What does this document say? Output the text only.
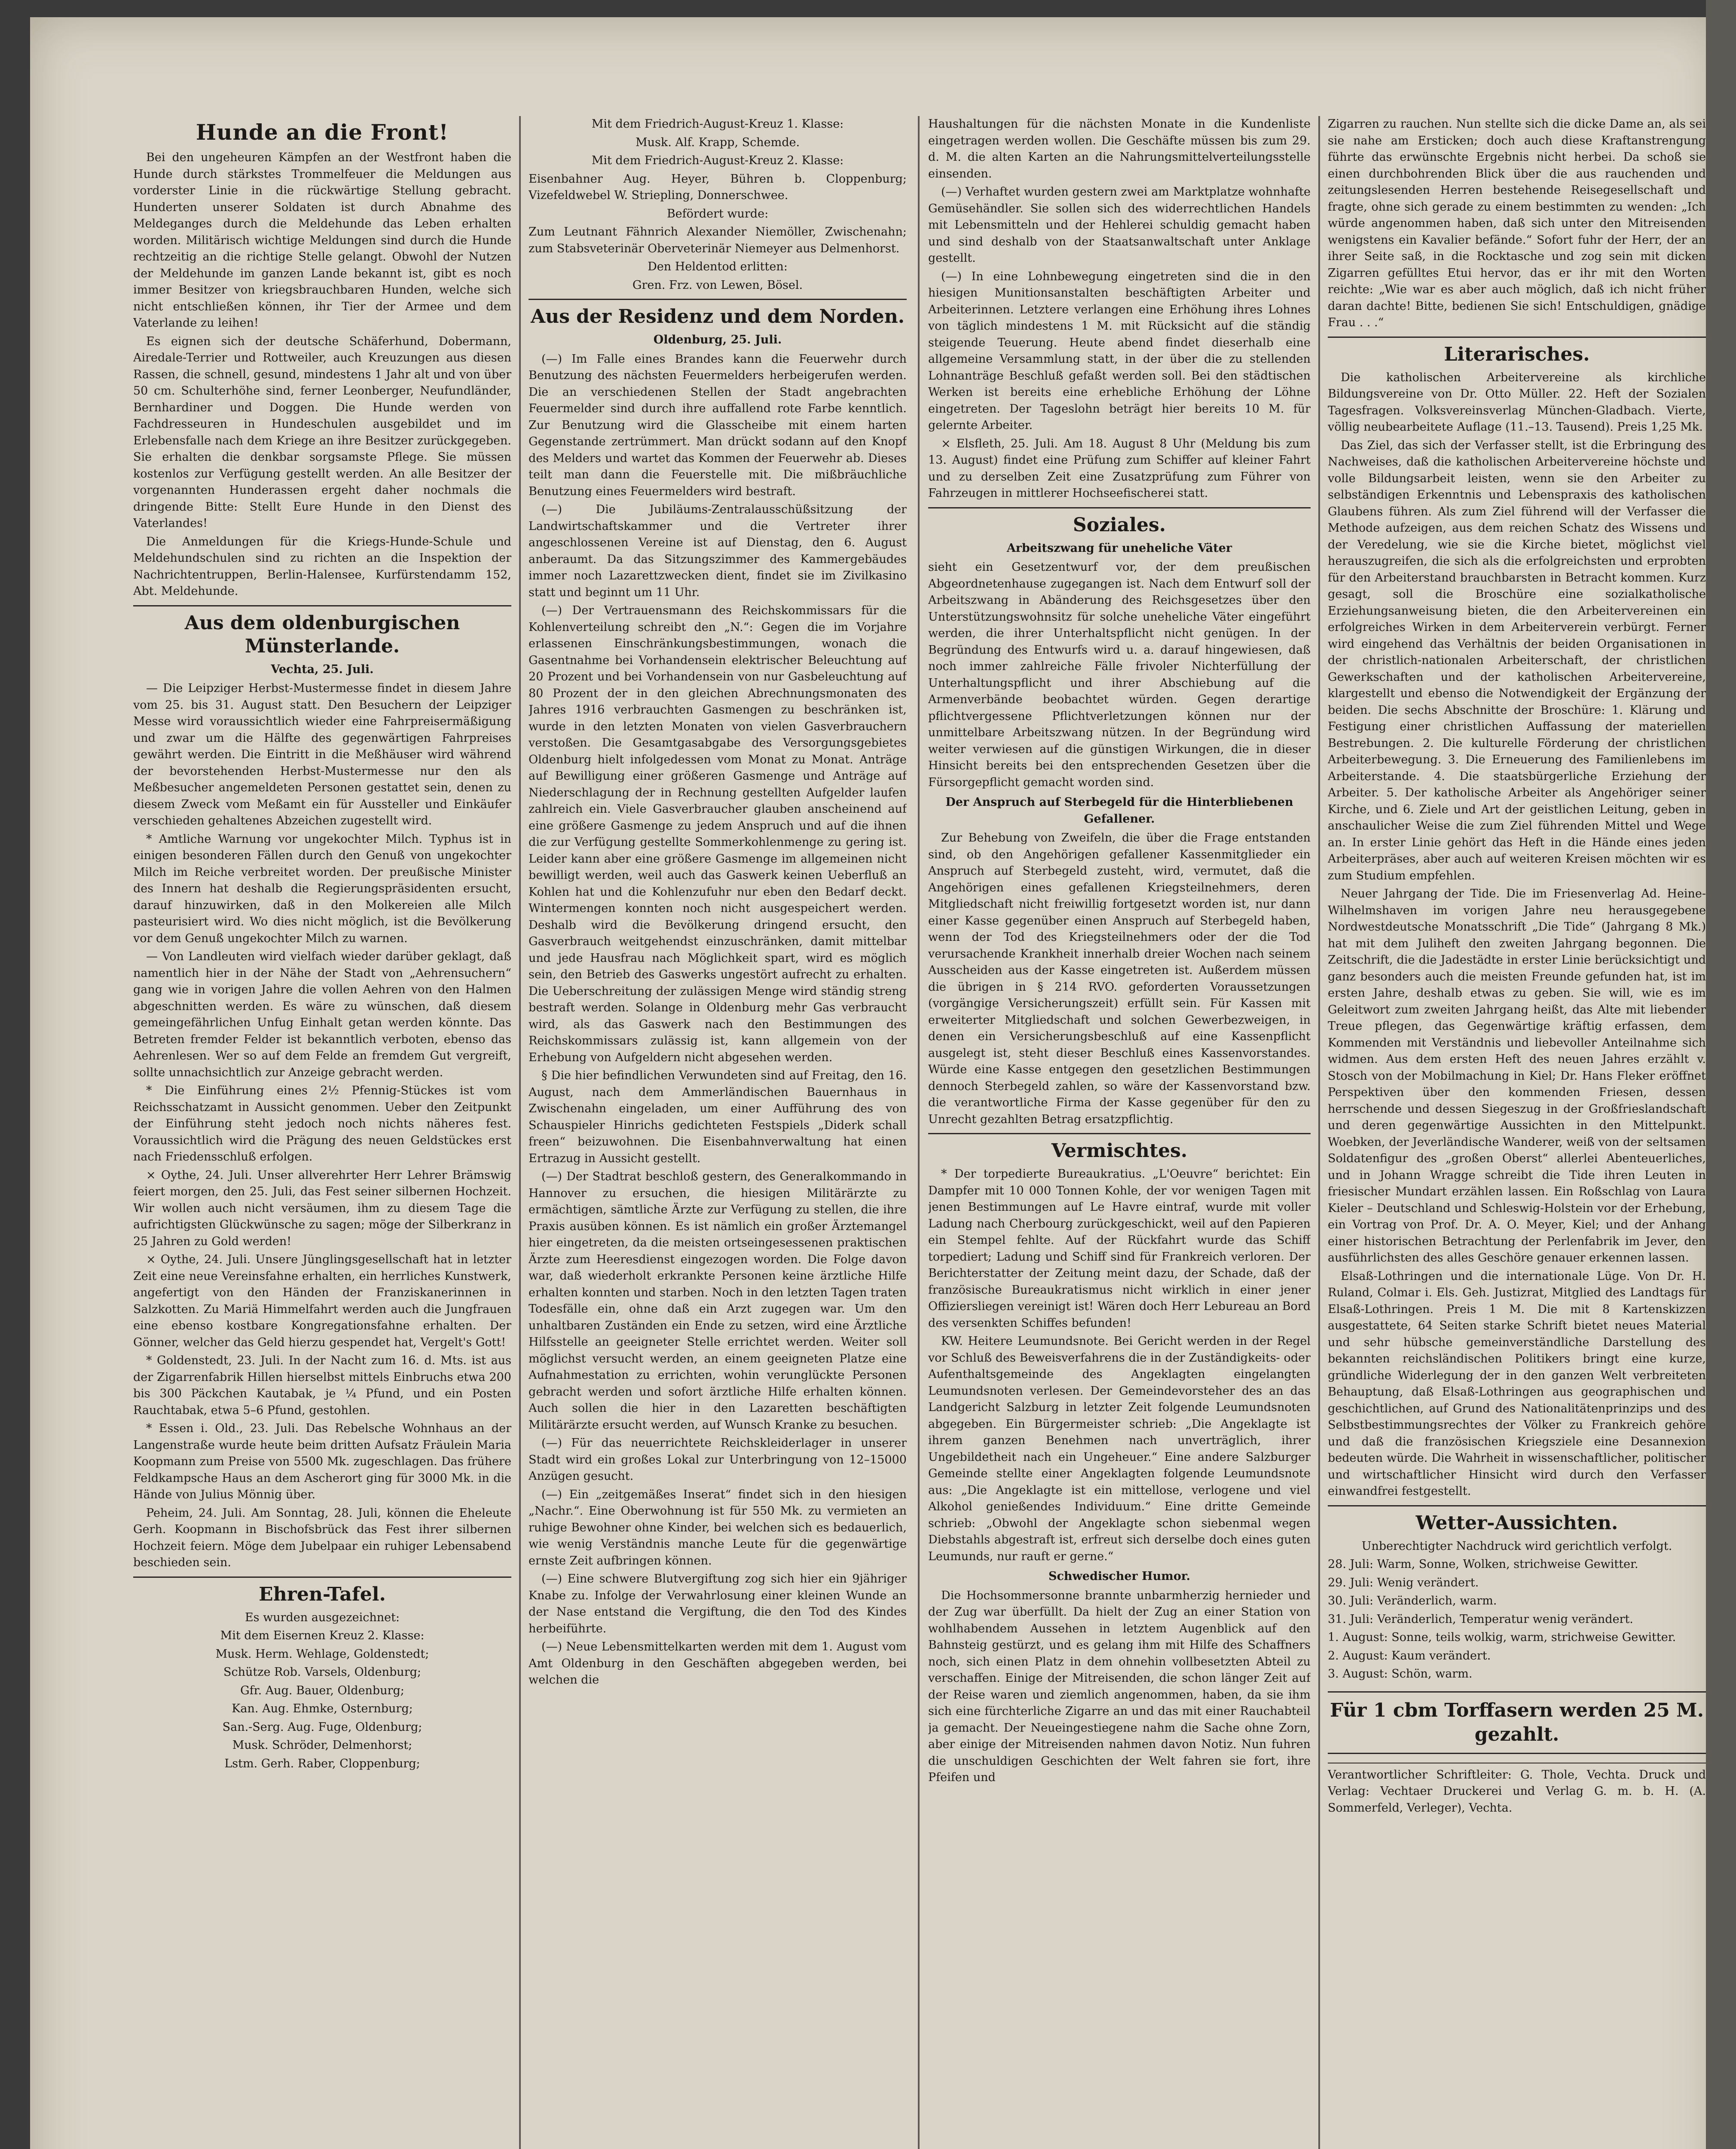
Hunde an die Front!

Bei den ungeheuren Kämpfen an der Westfront haben die Hunde durch stärkstes Trommelfeuer die Meldungen aus vorderster Linie in die rückwärtige Stellung gebracht. Hunderten unserer Soldaten ist durch Abnahme des Meldeganges durch die Meldehunde das Leben erhalten worden. Militärisch wichtige Meldungen sind durch die Hunde rechtzeitig an die richtige Stelle gelangt. Obwohl der Nutzen der Meldehunde im ganzen Lande bekannt ist, gibt es noch immer Besitzer von kriegsbrauchbaren Hunden, welche sich nicht entschließen können, ihr Tier der Armee und dem Vaterlande zu leihen!

Es eignen sich der deutsche Schäferhund, Dobermann, Airedale-Terrier und Rottweiler, auch Kreuzungen aus diesen Rassen, die schnell, gesund, mindestens 1 Jahr alt und von über 50 cm. Schulterhöhe sind, ferner Leonberger, Neufundländer, Bernhardiner und Doggen. Die Hunde werden von Fachdresseuren in Hundeschulen ausgebildet und im Erlebensfalle nach dem Kriege an ihre Besitzer zurückgegeben. Sie erhalten die denkbar sorgsamste Pflege. Sie müssen kostenlos zur Verfügung gestellt werden. An alle Besitzer der vorgenannten Hunderassen ergeht daher nochmals die dringende Bitte: Stellt Eure Hunde in den Dienst des Vaterlandes!

Die Anmeldungen für die Kriegs-Hunde-Schule und Meldehundschulen sind zu richten an die Inspektion der Nachrichtentruppen, Berlin-Halensee, Kurfürstendamm 152, Abt. Meldehunde.

Aus dem oldenburgischen Münsterlande.

Vechta, 25. Juli.

— Die Leipziger Herbst-Mustermesse findet in diesem Jahre vom 25. bis 31. August statt. Den Besuchern der Leipziger Messe wird voraussichtlich wieder eine Fahrpreisermäßigung und zwar um die Hälfte des gegenwärtigen Fahrpreises gewährt werden. Die Eintritt in die Meßhäuser wird während der bevorstehenden Herbst-Mustermesse nur den als Meßbesucher angemeldeten Personen gestattet sein, denen zu diesem Zweck vom Meßamt ein für Aussteller und Einkäufer verschieden gehaltenes Abzeichen zugestellt wird.

* Amtliche Warnung vor ungekochter Milch. Typhus ist in einigen besonderen Fällen durch den Genuß von ungekochter Milch im Reiche verbreitet worden. Der preußische Minister des Innern hat deshalb die Regierungspräsidenten ersucht, darauf hinzuwirken, daß in den Molkereien alle Milch pasteurisiert wird. Wo dies nicht möglich, ist die Bevölkerung vor dem Genuß ungekochter Milch zu warnen.

— Von Landleuten wird vielfach wieder darüber geklagt, daß namentlich hier in der Nähe der Stadt von „Aehrensuchern“ gang wie in vorigen Jahre die vollen Aehren von den Halmen abgeschnitten werden. Es wäre zu wünschen, daß diesem gemeingefährlichen Unfug Einhalt getan werden könnte. Das Betreten fremder Felder ist bekanntlich verboten, ebenso das Aehrenlesen. Wer so auf dem Felde an fremdem Gut vergreift, sollte unnachsichtlich zur Anzeige gebracht werden.

* Die Einführung eines 2½ Pfennig-Stückes ist vom Reichsschatzamt in Aussicht genommen. Ueber den Zeitpunkt der Einführung steht jedoch noch nichts näheres fest. Voraussichtlich wird die Prägung des neuen Geldstückes erst nach Friedensschluß erfolgen.

× Oythe, 24. Juli. Unser allverehrter Herr Lehrer Brämswig feiert morgen, den 25. Juli, das Fest seiner silbernen Hochzeit. Wir wollen auch nicht versäumen, ihm zu diesem Tage die aufrichtigsten Glückwünsche zu sagen; möge der Silberkranz in 25 Jahren zu Gold werden!

× Oythe, 24. Juli. Unsere Jünglingsgesellschaft hat in letzter Zeit eine neue Vereinsfahne erhalten, ein herrliches Kunstwerk, angefertigt von den Händen der Franziskanerinnen in Salzkotten. Zu Mariä Himmelfahrt werden auch die Jungfrauen eine ebenso kostbare Kongregationsfahne erhalten. Der Gönner, welcher das Geld hierzu gespendet hat, Vergelt's Gott!

* Goldenstedt, 23. Juli. In der Nacht zum 16. d. Mts. ist aus der Zigarrenfabrik Hillen hierselbst mittels Einbruchs etwa 200 bis 300 Päckchen Kautabak, je ¼ Pfund, und ein Posten Rauchtabak, etwa 5–6 Pfund, gestohlen.

* Essen i. Old., 23. Juli. Das Rebelsche Wohnhaus an der Langenstraße wurde heute beim dritten Aufsatz Fräulein Maria Koopmann zum Preise von 5500 Mk. zugeschlagen. Das frühere Feldkampsche Haus an dem Ascherort ging für 3000 Mk. in die Hände von Julius Mönnig über.

Peheim, 24. Juli. Am Sonntag, 28. Juli, können die Eheleute Gerh. Koopmann in Bischofsbrück das Fest ihrer silbernen Hochzeit feiern. Möge dem Jubelpaar ein ruhiger Lebensabend beschieden sein.

Ehren-Tafel.

Es wurden ausgezeichnet:

Mit dem Eisernen Kreuz 2. Klasse:

Musk. Herm. Wehlage, Goldenstedt;

Schütze Rob. Varsels, Oldenburg;

Gfr. Aug. Bauer, Oldenburg;

Kan. Aug. Ehmke, Osternburg;

San.-Serg. Aug. Fuge, Oldenburg;

Musk. Schröder, Delmenhorst;

Lstm. Gerh. Raber, Cloppenburg;

Mit dem Friedrich-August-Kreuz 1. Klasse:

Musk. Alf. Krapp, Schemde.

Mit dem Friedrich-August-Kreuz 2. Klasse:

Eisenbahner Aug. Heyer, Bühren b. Cloppenburg; Vizefeldwebel W. Striepling, Donnerschwee.

Befördert wurde:

Zum Leutnant Fähnrich Alexander Niemöller, Zwischenahn; zum Stabsveterinär Oberveterinär Niemeyer aus Delmenhorst.

Den Heldentod erlitten:

Gren. Frz. von Lewen, Bösel.

Aus der Residenz und dem Norden.

Oldenburg, 25. Juli.

(—) Im Falle eines Brandes kann die Feuerwehr durch Benutzung des nächsten Feuermelders herbeigerufen werden. Die an verschiedenen Stellen der Stadt angebrachten Feuermelder sind durch ihre auffallend rote Farbe kenntlich. Zur Benutzung wird die Glasscheibe mit einem harten Gegenstande zertrümmert. Man drückt sodann auf den Knopf des Melders und wartet das Kommen der Feuerwehr ab. Dieses teilt man dann die Feuerstelle mit. Die mißbräuchliche Benutzung eines Feuermelders wird bestraft.

(—) Die Jubiläums-Zentralausschüßsitzung der Landwirtschaftskammer und die Vertreter ihrer angeschlossenen Vereine ist auf Dienstag, den 6. August anberaumt. Da das Sitzungszimmer des Kammergebäudes immer noch Lazarettzwecken dient, findet sie im Zivilkasino statt und beginnt um 11 Uhr.

(—) Der Vertrauensmann des Reichskommissars für die Kohlenverteilung schreibt den „N.“: Gegen die im Vorjahre erlassenen Einschränkungsbestimmungen, wonach die Gasentnahme bei Vorhandensein elektrischer Beleuchtung auf 20 Prozent und bei Vorhandensein von nur Gasbeleuchtung auf 80 Prozent der in den gleichen Abrechnungsmonaten des Jahres 1916 verbrauchten Gasmengen zu beschränken ist, wurde in den letzten Monaten von vielen Gasverbrauchern verstoßen. Die Gesamtgasabgabe des Versorgungsgebietes Oldenburg hielt infolgedessen vom Monat zu Monat. Anträge auf Bewilligung einer größeren Gasmenge und Anträge auf Niederschlagung der in Rechnung gestellten Aufgelder laufen zahlreich ein. Viele Gasverbraucher glauben anscheinend auf eine größere Gasmenge zu jedem Anspruch und auf die ihnen die zur Verfügung gestellte Sommerkohlenmenge zu gering ist. Leider kann aber eine größere Gasmenge im allgemeinen nicht bewilligt werden, weil auch das Gaswerk keinen Ueberfluß an Kohlen hat und die Kohlenzufuhr nur eben den Bedarf deckt. Wintermengen konnten noch nicht ausgespeichert werden. Deshalb wird die Bevölkerung dringend ersucht, den Gasverbrauch weitgehendst einzuschränken, damit mittelbar und jede Hausfrau nach Möglichkeit spart, wird es möglich sein, den Betrieb des Gaswerks ungestört aufrecht zu erhalten. Die Ueberschreitung der zulässigen Menge wird ständig streng bestraft werden. Solange in Oldenburg mehr Gas verbraucht wird, als das Gaswerk nach den Bestimmungen des Reichskommissars zulässig ist, kann allgemein von der Erhebung von Aufgeldern nicht abgesehen werden.

§ Die hier befindlichen Verwundeten sind auf Freitag, den 16. August, nach dem Ammerländischen Bauernhaus in Zwischenahn eingeladen, um einer Aufführung des von Schauspieler Hinrichs gedichteten Festspiels „Diderk schall freen“ beizuwohnen. Die Eisenbahnverwaltung hat einen Ertrazug in Aussicht gestellt.

(—) Der Stadtrat beschloß gestern, des Generalkommando in Hannover zu ersuchen, die hiesigen Militärärzte zu ermächtigen, sämtliche Ärzte zur Verfügung zu stellen, die ihre Praxis ausüben können. Es ist nämlich ein großer Ärztemangel hier eingetreten, da die meisten ortseingesessenen praktischen Ärzte zum Heeresdienst eingezogen worden. Die Folge davon war, daß wiederholt erkrankte Personen keine ärztliche Hilfe erhalten konnten und starben. Noch in den letzten Tagen traten Todesfälle ein, ohne daß ein Arzt zugegen war. Um den unhaltbaren Zuständen ein Ende zu setzen, wird eine Ärztliche Hilfsstelle an geeigneter Stelle errichtet werden. Weiter soll möglichst versucht werden, an einem geeigneten Platze eine Aufnahmestation zu errichten, wohin verunglückte Personen gebracht werden und sofort ärztliche Hilfe erhalten können. Auch sollen die hier in den Lazaretten beschäftigten Militärärzte ersucht werden, auf Wunsch Kranke zu besuchen.

(—) Für das neuerrichtete Reichskleiderlager in unserer Stadt wird ein großes Lokal zur Unterbringung von 12–15000 Anzügen gesucht.

(—) Ein „zeitgemäßes Inserat“ findet sich in den hiesigen „Nachr.“. Eine Oberwohnung ist für 550 Mk. zu vermieten an ruhige Bewohner ohne Kinder, bei welchen sich es bedauerlich, wie wenig Verständnis manche Leute für die gegenwärtige ernste Zeit aufbringen können.

(—) Eine schwere Blutvergiftung zog sich hier ein 9jähriger Knabe zu. Infolge der Verwahrlosung einer kleinen Wunde an der Nase entstand die Vergiftung, die den Tod des Kindes herbeiführte.

(—) Neue Lebensmittelkarten werden mit dem 1. August vom Amt Oldenburg in den Geschäften abgegeben werden, bei welchen die

Haushaltungen für die nächsten Monate in die Kundenliste eingetragen werden wollen. Die Geschäfte müssen bis zum 29. d. M. die alten Karten an die Nahrungsmittelverteilungsstelle einsenden.

(—) Verhaftet wurden gestern zwei am Marktplatze wohnhafte Gemüsehändler. Sie sollen sich des widerrechtlichen Handels mit Lebensmitteln und der Hehlerei schuldig gemacht haben und sind deshalb von der Staatsanwaltschaft unter Anklage gestellt.

(—) In eine Lohnbewegung eingetreten sind die in den hiesigen Munitionsanstalten beschäftigten Arbeiter und Arbeiterinnen. Letztere verlangen eine Erhöhung ihres Lohnes von täglich mindestens 1 M. mit Rücksicht auf die ständig steigende Teuerung. Heute abend findet dieserhalb eine allgemeine Versammlung statt, in der über die zu stellenden Lohnanträge Beschluß gefaßt werden soll. Bei den städtischen Werken ist bereits eine erhebliche Erhöhung der Löhne eingetreten. Der Tageslohn beträgt hier bereits 10 M. für gelernte Arbeiter.

× Elsfleth, 25. Juli. Am 18. August 8 Uhr (Meldung bis zum 13. August) findet eine Prüfung zum Schiffer auf kleiner Fahrt und zu derselben Zeit eine Zusatzprüfung zum Führer von Fahrzeugen in mittlerer Hochseefischerei statt.

Soziales.

Arbeitszwang für uneheliche Väter

sieht ein Gesetzentwurf vor, der dem preußischen Abgeordnetenhause zugegangen ist. Nach dem Entwurf soll der Arbeitszwang in Abänderung des Reichsgesetzes über den Unterstützungswohnsitz für solche uneheliche Väter eingeführt werden, die ihrer Unterhaltspflicht nicht genügen. In der Begründung des Entwurfs wird u. a. darauf hingewiesen, daß noch immer zahlreiche Fälle frivoler Nichterfüllung der Unterhaltungspflicht und ihrer Abschiebung auf die Armenverbände beobachtet würden. Gegen derartige pflichtvergessene Pflichtverletzungen können nur der unmittelbare Arbeitszwang nützen. In der Begründung wird weiter verwiesen auf die günstigen Wirkungen, die in dieser Hinsicht bereits bei den entsprechenden Gesetzen über die Fürsorgepflicht gemacht worden sind.

Der Anspruch auf Sterbegeld für die Hinterbliebenen Gefallener.

Zur Behebung von Zweifeln, die über die Frage entstanden sind, ob den Angehörigen gefallener Kassenmitglieder ein Anspruch auf Sterbegeld zusteht, wird, vermutet, daß die Angehörigen eines gefallenen Kriegsteilnehmers, deren Mitgliedschaft nicht freiwillig fortgesetzt worden ist, nur dann einer Kasse gegenüber einen Anspruch auf Sterbegeld haben, wenn der Tod des Kriegsteilnehmers oder der die Tod verursachende Krankheit innerhalb dreier Wochen nach seinem Ausscheiden aus der Kasse eingetreten ist. Außerdem müssen die übrigen in § 214 RVO. geforderten Voraussetzungen (vorgängige Versicherungszeit) erfüllt sein. Für Kassen mit erweiterter Mitgliedschaft und solchen Gewerbezweigen, in denen ein Versicherungsbeschluß auf eine Kassenpflicht ausgelegt ist, steht dieser Beschluß eines Kassenvorstandes. Würde eine Kasse entgegen den gesetzlichen Bestimmungen dennoch Sterbegeld zahlen, so wäre der Kassenvorstand bzw. die verantwortliche Firma der Kasse gegenüber für den zu Unrecht gezahlten Betrag ersatzpflichtig.

Vermischtes.

* Der torpedierte Bureaukratius. „L'Oeuvre“ berichtet: Ein Dampfer mit 10 000 Tonnen Kohle, der vor wenigen Tagen mit jenen Bestimmungen auf Le Havre eintraf, wurde mit voller Ladung nach Cherbourg zurückgeschickt, weil auf den Papieren ein Stempel fehlte. Auf der Rückfahrt wurde das Schiff torpediert; Ladung und Schiff sind für Frankreich verloren. Der Berichterstatter der Zeitung meint dazu, der Schade, daß der französische Bureaukratismus nicht wirklich in einer jener Offiziersliegen vereinigt ist! Wären doch Herr Lebureau an Bord des versenkten Schiffes befunden!

KW. Heitere Leumundsnote. Bei Gericht werden in der Regel vor Schluß des Beweisverfahrens die in der Zuständigkeits- oder Aufenthaltsgemeinde des Angeklagten eingelangten Leumundsnoten verlesen. Der Gemeindevorsteher des an das Landgericht Salzburg in letzter Zeit folgende Leumundsnoten abgegeben. Ein Bürgermeister schrieb: „Die Angeklagte ist ihrem ganzen Benehmen nach unverträglich, ihrer Ungebildetheit nach ein Ungeheuer.“ Eine andere Salzburger Gemeinde stellte einer Angeklagten folgende Leumundsnote aus: „Die Angeklagte ist ein mittellose, verlogene und viel Alkohol genießendes Individuum.“ Eine dritte Gemeinde schrieb: „Obwohl der Angeklagte schon siebenmal wegen Diebstahls abgestraft ist, erfreut sich derselbe doch eines guten Leumunds, nur rauft er gerne.“

Schwedischer Humor.

Die Hochsommersonne brannte unbarmherzig hernieder und der Zug war überfüllt. Da hielt der Zug an einer Station von wohlhabendem Aussehen in letztem Augenblick auf den Bahnsteig gestürzt, und es gelang ihm mit Hilfe des Schaffners noch, sich einen Platz in dem ohnehin vollbesetzten Abteil zu verschaffen. Einige der Mitreisenden, die schon länger Zeit auf der Reise waren und ziemlich angenommen, haben, da sie ihm sich eine fürchterliche Zigarre an und das mit einer Rauchabteil ja gemacht. Der Neueingestiegene nahm die Sache ohne Zorn, aber einige der Mitreisenden nahmen davon Notiz. Nun fuhren die unschuldigen Geschichten der Welt fahren sie fort, ihre Pfeifen und

Zigarren zu rauchen. Nun stellte sich die dicke Dame an, als sei sie nahe am Ersticken; doch auch diese Kraftanstrengung führte das erwünschte Ergebnis nicht herbei. Da schoß sie einen durchbohrenden Blick über die aus rauchenden und zeitungslesenden Herren bestehende Reisegesellschaft und fragte, ohne sich gerade zu einem bestimmten zu wenden: „Ich würde angenommen haben, daß sich unter den Mitreisenden wenigstens ein Kavalier befände.“ Sofort fuhr der Herr, der an ihrer Seite saß, in die Rocktasche und zog sein mit dicken Zigarren gefülltes Etui hervor, das er ihr mit den Worten reichte: „Wie war es aber auch möglich, daß ich nicht früher daran dachte! Bitte, bedienen Sie sich! Entschuldigen, gnädige Frau . . .“

Literarisches.

Die katholischen Arbeitervereine als kirchliche Bildungsvereine von Dr. Otto Müller. 22. Heft der Sozialen Tagesfragen. Volksvereinsverlag München-Gladbach. Vierte, völlig neubearbeitete Auflage (11.–13. Tausend). Preis 1,25 Mk.

Das Ziel, das sich der Verfasser stellt, ist die Erbringung des Nachweises, daß die katholischen Arbeitervereine höchste und volle Bildungsarbeit leisten, wenn sie den Arbeiter zu selbständigen Erkenntnis und Lebenspraxis des katholischen Glaubens führen. Als zum Ziel führend will der Verfasser die Methode aufzeigen, aus dem reichen Schatz des Wissens und der Veredelung, wie sie die Kirche bietet, möglichst viel herauszugreifen, die sich als die erfolgreichsten und erprobten für den Arbeiterstand brauchbarsten in Betracht kommen. Kurz gesagt, soll die Broschüre eine sozialkatholische Erziehungsanweisung bieten, die den Arbeitervereinen ein erfolgreiches Wirken in dem Arbeiterverein verbürgt. Ferner wird eingehend das Verhältnis der beiden Organisationen in der christlich-nationalen Arbeiterschaft, der christlichen Gewerkschaften und der katholischen Arbeitervereine, klargestellt und ebenso die Notwendigkeit der Ergänzung der beiden. Die sechs Abschnitte der Broschüre: 1. Klärung und Festigung einer christlichen Auffassung der materiellen Bestrebungen. 2. Die kulturelle Förderung der christlichen Arbeiterbewegung. 3. Die Erneuerung des Familienlebens im Arbeiterstande. 4. Die staatsbürgerliche Erziehung der Arbeiter. 5. Der katholische Arbeiter als Angehöriger seiner Kirche, und 6. Ziele und Art der geistlichen Leitung, geben in anschaulicher Weise die zum Ziel führenden Mittel und Wege an. In erster Linie gehört das Heft in die Hände eines jeden Arbeiterpräses, aber auch auf weiteren Kreisen möchten wir es zum Studium empfehlen.

Neuer Jahrgang der Tide. Die im Friesenverlag Ad. Heine-Wilhelmshaven im vorigen Jahre neu herausgegebene Nordwestdeutsche Monatsschrift „Die Tide“ (Jahrgang 8 Mk.) hat mit dem Juliheft den zweiten Jahrgang begonnen. Die Zeitschrift, die die Jadestädte in erster Linie berücksichtigt und ganz besonders auch die meisten Freunde gefunden hat, ist im ersten Jahre, deshalb etwas zu geben. Sie will, wie es im Geleitwort zum zweiten Jahrgang heißt, das Alte mit liebender Treue pflegen, das Gegenwärtige kräftig erfassen, dem Kommenden mit Verständnis und liebevoller Anteilnahme sich widmen. Aus dem ersten Heft des neuen Jahres erzählt v. Stosch von der Mobilmachung in Kiel; Dr. Hans Fleker eröffnet Perspektiven über den kommenden Friesen, dessen herrschende und dessen Siegeszug in der Großfrieslandschaft und deren gegenwärtige Aussichten in den Mittelpunkt. Woebken, der Jeverländische Wanderer, weiß von der seltsamen Soldatenfigur des „großen Oberst“ allerlei Abenteuerliches, und in Johann Wragge schreibt die Tide ihren Leuten in friesischer Mundart erzählen lassen. Ein Roßschlag von Laura Kieler – Deutschland und Schleswig-Holstein vor der Erhebung, ein Vortrag von Prof. Dr. A. O. Meyer, Kiel; und der Anhang einer historischen Betrachtung der Perlenfabrik im Jever, den ausführlichsten des alles Geschöre genauer erkennen lassen.

Elsaß-Lothringen und die internationale Lüge. Von Dr. H. Ruland, Colmar i. Els. Geh. Justizrat, Mitglied des Landtags für Elsaß-Lothringen. Preis 1 M. Die mit 8 Kartenskizzen ausgestattete, 64 Seiten starke Schrift bietet neues Material und sehr hübsche gemeinverständliche Darstellung des bekannten reichsländischen Politikers bringt eine kurze, gründliche Widerlegung der in den ganzen Welt verbreiteten Behauptung, daß Elsaß-Lothringen aus geographischen und geschichtlichen, auf Grund des Nationalitätenprinzips und des Selbstbestimmungsrechtes der Völker zu Frankreich gehöre und daß die französischen Kriegsziele eine Desannexion bedeuten würde. Die Wahrheit in wissenschaftlicher, politischer und wirtschaftlicher Hinsicht wird durch den Verfasser einwandfrei festgestellt.

Wetter-Aussichten.

Unberechtigter Nachdruck wird gerichtlich verfolgt.

28. Juli: Warm, Sonne, Wolken, strichweise Gewitter.

29. Juli: Wenig verändert.

30. Juli: Veränderlich, warm.

31. Juli: Veränderlich, Temperatur wenig verändert.

1. August: Sonne, teils wolkig, warm, strichweise Gewitter.

2. August: Kaum verändert.

3. August: Schön, warm.

Für 1 cbm Torffasern werden 25 M. gezahlt.

Verantwortlicher Schriftleiter: G. Thole, Vechta. Druck und Verlag: Vechtaer Druckerei und Verlag G. m. b. H. (A. Sommerfeld, Verleger), Vechta.
